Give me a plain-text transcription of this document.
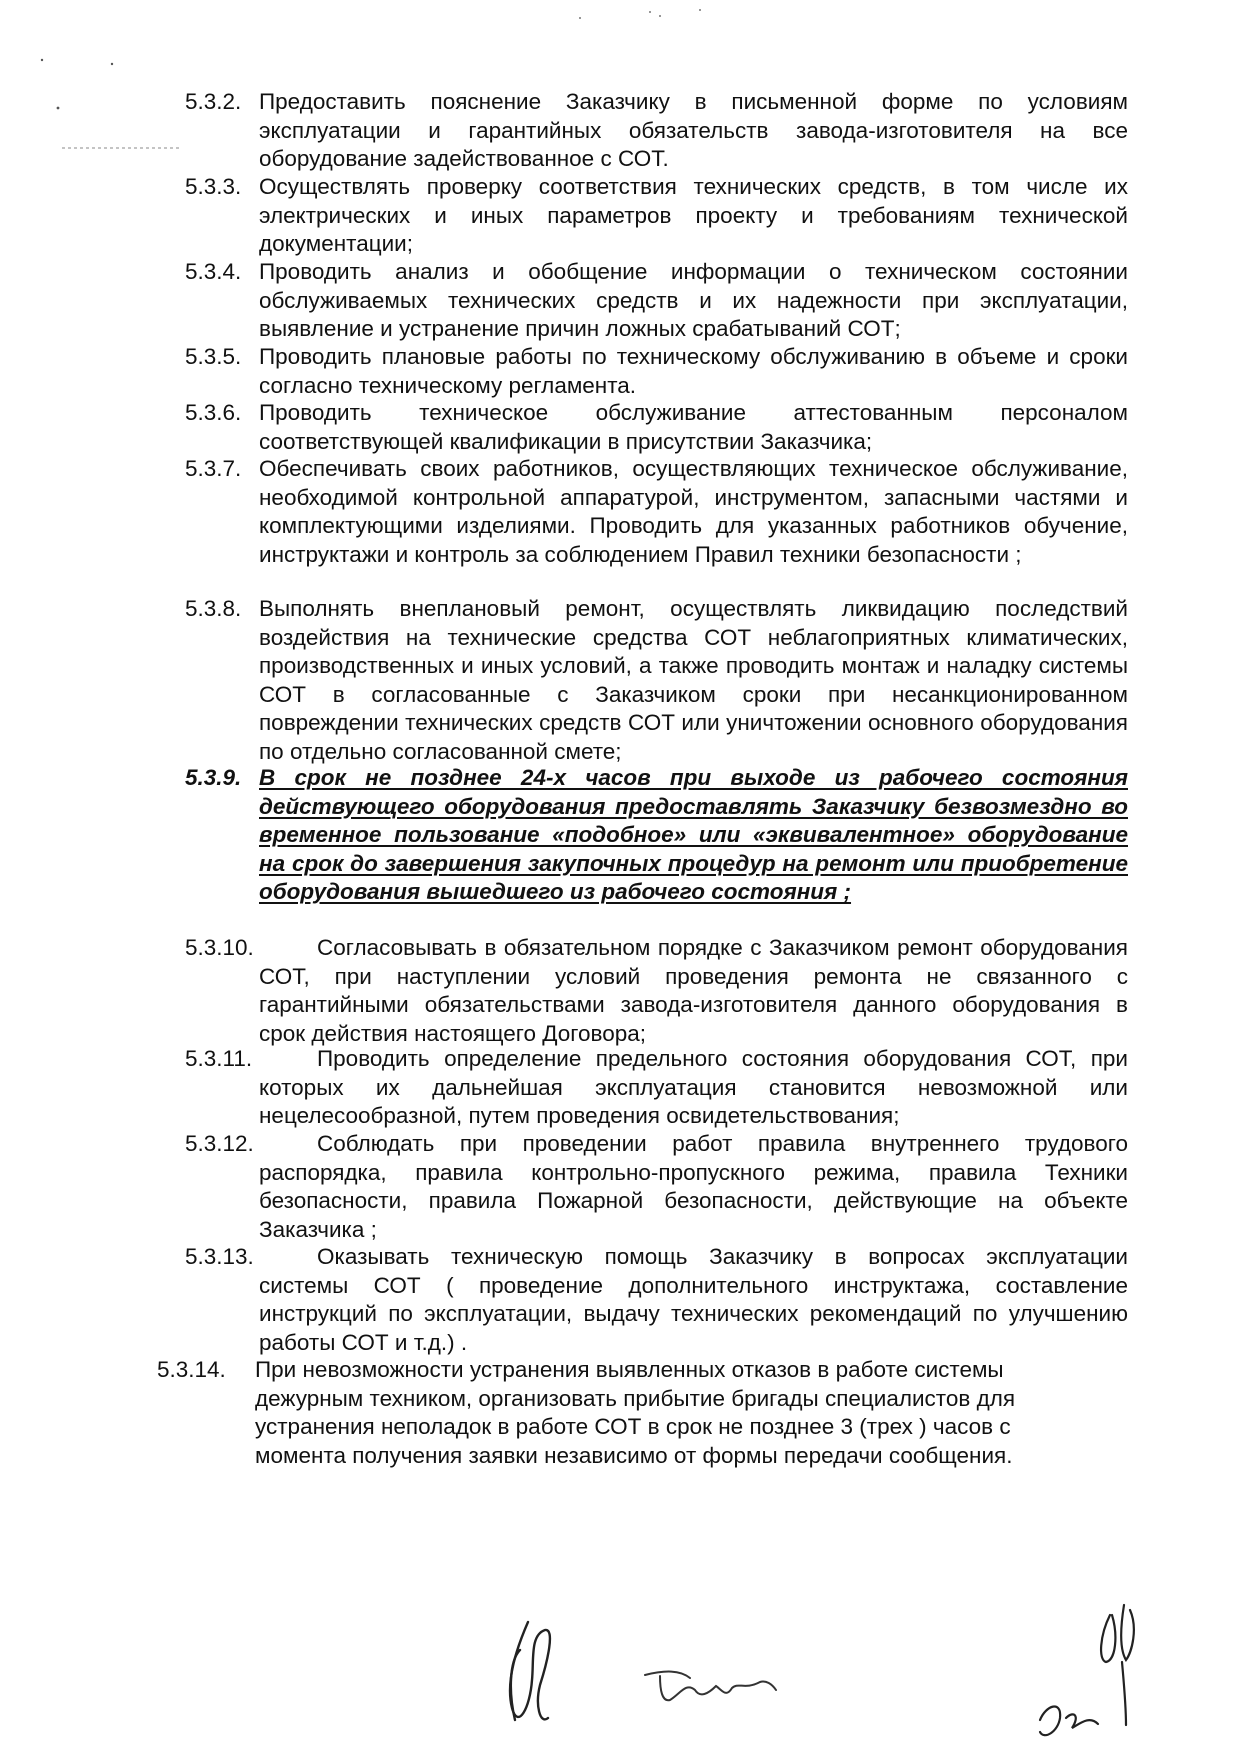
5.3.2. Предоставить пояснение Заказчику в письменной форме по условиям эксплуатации и гарантийных обязательств завода-изготовителя на все оборудование задействованное с СОТ.
5.3.3. Осуществлять проверку соответствия технических средств, в том числе их электрических и иных параметров проекту и требованиям технической документации;
5.3.4. Проводить анализ и обобщение информации о техническом состоянии обслуживаемых технических средств и их надежности при эксплуатации, выявление и устранение причин ложных срабатываний СОТ;
5.3.5. Проводить плановые работы по техническому обслуживанию в объеме и сроки согласно техническому регламента.
5.3.6. Проводить техническое обслуживание аттестованным персоналом соответствующей квалификации в присутствии Заказчика;
5.3.7. Обеспечивать своих работников, осуществляющих техническое обслуживание, необходимой контрольной аппаратурой, инструментом, запасными частями и комплектующими изделиями. Проводить для указанных работников обучение, инструктажи и контроль за соблюдением Правил техники безопасности ;
5.3.8. Выполнять внеплановый ремонт, осуществлять ликвидацию последствий воздействия на технические средства СОТ неблагоприятных климатических, производственных и иных условий, а также проводить монтаж и наладку системы СОТ в согласованные с Заказчиком сроки при несанкционированном повреждении технических средств СОТ или уничтожении основного оборудования по отдельно согласованной смете;
5.3.9. В срок не позднее 24-х часов при выходе из рабочего состояния действующего оборудования предоставлять Заказчику безвозмездно во временное пользование «подобное» или «эквивалентное» оборудование на срок до завершения закупочных процедур на ремонт или приобретение оборудования вышедшего из рабочего состояния ;
5.3.10.	Согласовывать в обязательном порядке с Заказчиком ремонт оборудования СОТ, при наступлении условий проведения ремонта не связанного с гарантийными обязательствами завода-изготовителя данного оборудования в срок действия настоящего Договора;
5.3.11.	Проводить определение предельного состояния оборудования СОТ, при которых их дальнейшая эксплуатация становится невозможной или нецелесообразной, путем проведения освидетельствования;
5.3.12.	Соблюдать при проведении работ правила внутреннего трудового распорядка, правила контрольно-пропускного режима, правила Техники безопасности, правила Пожарной безопасности, действующие на объекте Заказчика ;
5.3.13.	Оказывать техническую помощь Заказчику в вопросах эксплуатации системы СОТ ( проведение дополнительного инструктажа, составление инструкций по эксплуатации, выдачу технических рекомендаций по улучшению работы СОТ и т.д.) .
5.3.14. При невозможности устранения выявленных отказов в работе системы дежурным техником, организовать прибытие бригады специалистов для устранения неполадок в работе СОТ в срок не позднее 3 (трех ) часов с момента получения заявки независимо от формы передачи сообщения.
